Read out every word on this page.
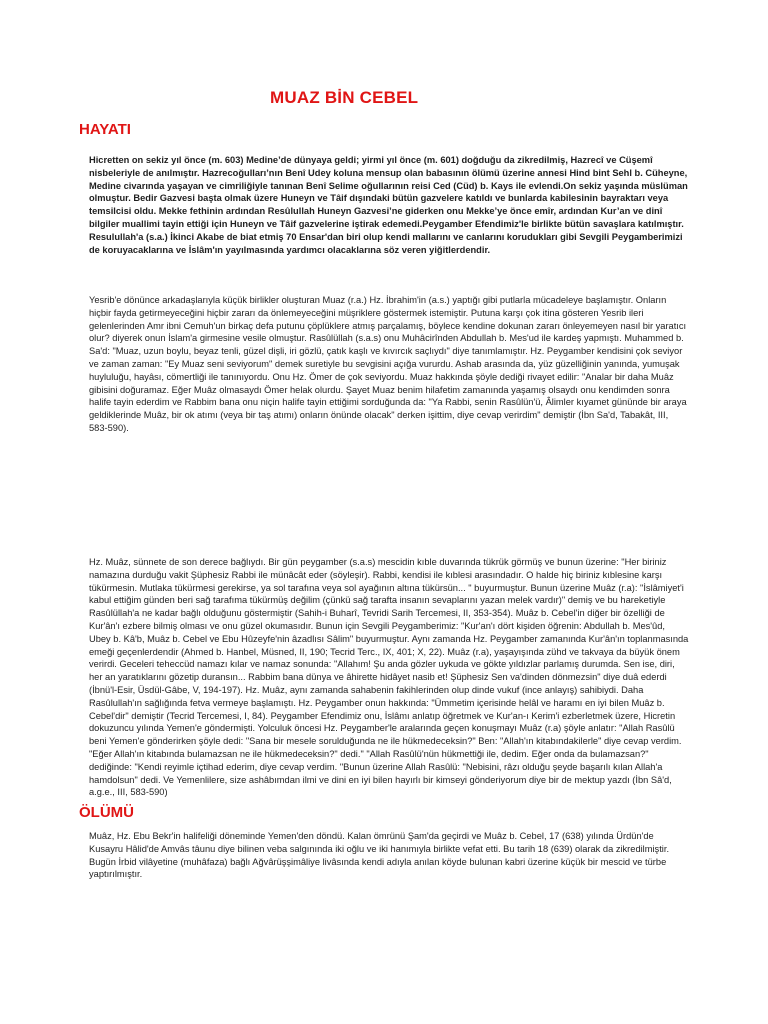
MUAZ BİN CEBEL
HAYATI

Hicretten on sekiz yıl önce (m. 603) Medine’de dünyaya geldi; yirmi yıl önce (m. 601) doğduğu da zikredilmiş, Hazrecî ve Cüşemî nisbeleriyle de anılmıştır. Hazrecoğulları’nın Benî Udey koluna mensup olan babasının ölümü üzerine annesi Hind bint Sehl b. Cüheyne, Medine civarında yaşayan ve cimriliğiyle tanınan Benî Selime oğullarının reisi Ced (Cüd) b. Kays ile evlendi.On sekiz yaşında müslüman olmuştur. Bedir Gazvesi başta olmak üzere Huneyn ve Tâif dışındaki bütün gazvelere katıldı ve bunlarda kabilesinin bayraktarı veya temsilcisi oldu. Mekke fethinin ardından Resûlullah Huneyn Gazvesi’ne giderken onu Mekke’ye önce emîr, ardından Kur’an ve dinî bilgiler muallimi tayin ettiği için Huneyn ve Tâif gazvelerine iştirak edemedi.Peygamber Efendimiz'le birlikte bütün savaşlara katılmıştır. Resulullah'a (s.a.) İkinci Akabe de biat etmiş 70 Ensar'dan biri olup kendi mallarını ve canlarını korudukları gibi Sevgili Peygamberimizi de koruyacaklarına ve İslâm'ın yayılmasında yardımcı olacaklarına söz veren yiğitlerdendir.

Yesrib'e dönünce arkadaşlarıyla küçük birlikler oluşturan Muaz (r.a.) Hz. İbrahim'in (a.s.) yaptığı gibi putlarla mücadeleye başlamıştır. Onların hiçbir fayda getirmeyeceğini hiçbir zararı da önlemeyeceğini müşriklere göstermek istemiştir. Putuna karşı çok itina gösteren Yesrib ileri gelenlerinden Amr ibni Cemuh'un birkaç defa putunu çöplüklere atmış parçalamış, böylece kendine dokunan zararı önleyemeyen nasıl bir yaratıcı olur? diyerek onun İslam'a girmesine vesile olmuştur. Rasûlüllah (s.a.s) onu Muhâcirînden Abdullah b. Mes'ud ile kardeş yapmıştı. Muhammed b. Sa'd: "Muaz, uzun boylu, beyaz tenli, güzel dişli, iri gözlü, çatık kaşlı ve kıvırcık saçlıydı" diye tanımlamıştır. Hz. Peygamber kendisini çok seviyor ve zaman zaman: "Ey Muaz seni seviyorum" demek suretiyle bu sevgisini açığa vururdu. Ashab arasında da, yüz güzelliğinin yanında, yumuşak huyluluğu, hayâsı, cömertliği ile tanınıyordu. Onu Hz. Ömer de çok seviyordu. Muaz hakkında şöyle dediği rivayet edilir: "Analar bir daha Muâz gibisini doğuramaz. Eğer Muâz olmasaydı Ömer helak olurdu. Şayet Muaz benim hilafetim zamanında yaşamış olsaydı onu kendimden sonra halife tayin ederdim ve Rabbim bana onu niçin halife tayin ettiğimi sorduğunda da: "Ya Rabbi, senin Rasûlün'ü, Âlimler kıyamet gününde bir araya geldiklerinde Muâz, bir ok atımı (veya bir taş atımı) onların önünde olacak" derken işittim, diye cevap verirdim" demiştir (İbn Sa'd, Tabakât, III, 583-590).

Hz. Muâz, sünnete de son derece bağlıydı. Bir gün peygamber (s.a.s) mescidin kıble duvarında tükrük görmüş ve bunun üzerine: "Her biriniz namazına durduğu vakit Şüphesiz Rabbi ile münâcât eder (söyleşir). Rabbi, kendisi ile kıblesi arasındadır. O halde hiç biriniz kıblesine karşı tükürmesin. Mutlaka tükürmesi gerekirse, ya sol tarafına veya sol ayağının altına tükürsün... " buyurmuştur. Bunun üzerine Muâz (r.a): "İslâmiyet'i kabul ettiğim günden beri sağ tarafıma tükürmüş değilim (çünkü sağ tarafta insanın sevaplarını yazan melek vardır)" demiş ve bu hareketiyle Rasûlüllah'a ne kadar bağlı olduğunu göstermiştir (Sahih-i Buharî, Tevridi Sarih Tercemesi, II, 353-354). Muâz b. Cebel'in diğer bir özelliği de Kur'ân'ı ezbere bilmiş olması ve onu güzel okumasıdır. Bunun için Sevgili Peygamberimiz: "Kur'an'ı dört kişiden öğrenin: Abdullah b. Mes'ûd, Ubey b. Kâ'b, Muâz b. Cebel ve Ebu Hûzeyfe'nin âzadlısı Sâlim" buyurmuştur. Aynı zamanda Hz. Peygamber zamanında Kur'ân'ın toplanmasında emeği geçenlerdendir (Ahmed b. Hanbel, Müsned, II, 190; Tecrid Terc., IX, 401; X, 22). Muâz (r.a), yaşayışında zühd ve takvaya da büyük önem verirdi. Geceleri teheccüd namazı kılar ve namaz sonunda: "Allahım! Şu anda gözler uykuda ve gökte yıldızlar parlamış durumda. Sen ise, diri, her an yaratıklarını gözetip duransın... Rabbim bana dünya ve âhirette hidâyet nasib et! Şüphesiz Sen va'dinden dönmezsin" diye duâ ederdi (İbnü'l-Esir, Üsdül-Gâbe, V, 194-197). Hz. Muâz, aynı zamanda sahabenin fakihlerinden olup dinde vukuf (ince anlayış) sahibiydi. Daha Rasûlullah'ın sağlığında fetva vermeye başlamıştı. Hz. Peygamber onun hakkında: "Ümmetim içerisinde helâl ve haramı en iyi bilen Muâz b. Cebel'dir" demiştir (Tecrid Tercemesi, I, 84). Peygamber Efendimiz onu, İslâmı anlatıp öğretmek ve Kur'an-ı Kerim'i ezberletmek üzere, Hicretin dokuzuncu yılında Yemen'e göndermişti. Yolculuk öncesi Hz. Peygamber'le aralarında geçen konuşmayı Muâz (r.a) şöyle anlatır: "Allah Rasûlü beni Yemen'e gönderirken şöyle dedi: "Sana bir mesele sorulduğunda ne ile hükmedeceksin?" Ben: "Allah'ın kitabındakilerle" diye cevap verdim. "Eğer Allah'ın kitabında bulamazsan ne ile hükmedeceksin?" dedi." "Allah Rasûlü'nün hükmettiği ile, dedim. Eğer onda da bulamazsan?" dediğinde: "Kendi reyimle içtihad ederim, diye cevap verdim. "Bunun üzerine Allah Rasûlü: "Nebisini, râzı olduğu şeyde başarılı kılan Allah'a hamdolsun" dedi. Ve Yemenlilere, size ashâbımdan ilmi ve dini en iyi bilen hayırlı bir kimseyi gönderiyorum diye bir de mektup yazdı (İbn Sâ'd, a.g.e., III, 583-590)

ÖLÜMÜ

Muâz, Hz. Ebu Bekr'in halifeliği döneminde Yemen'den döndü. Kalan ömrünü Şam'da geçirdi ve Muâz b. Cebel, 17 (638) yılında Ürdün'de Kusayru Hâlid'de Amvâs tâunu diye bilinen veba salgınında iki oğlu ve iki hanımıyla birlikte vefat etti. Bu tarih 18 (639) olarak da zikredilmiştir. Bugün İrbid vilâyetine (muhâfaza) bağlı Ağvârüşşimâliye livâsında kendi adıyla anılan köyde bulunan kabri üzerine küçük bir mescid ve türbe yaptırılmıştır.
